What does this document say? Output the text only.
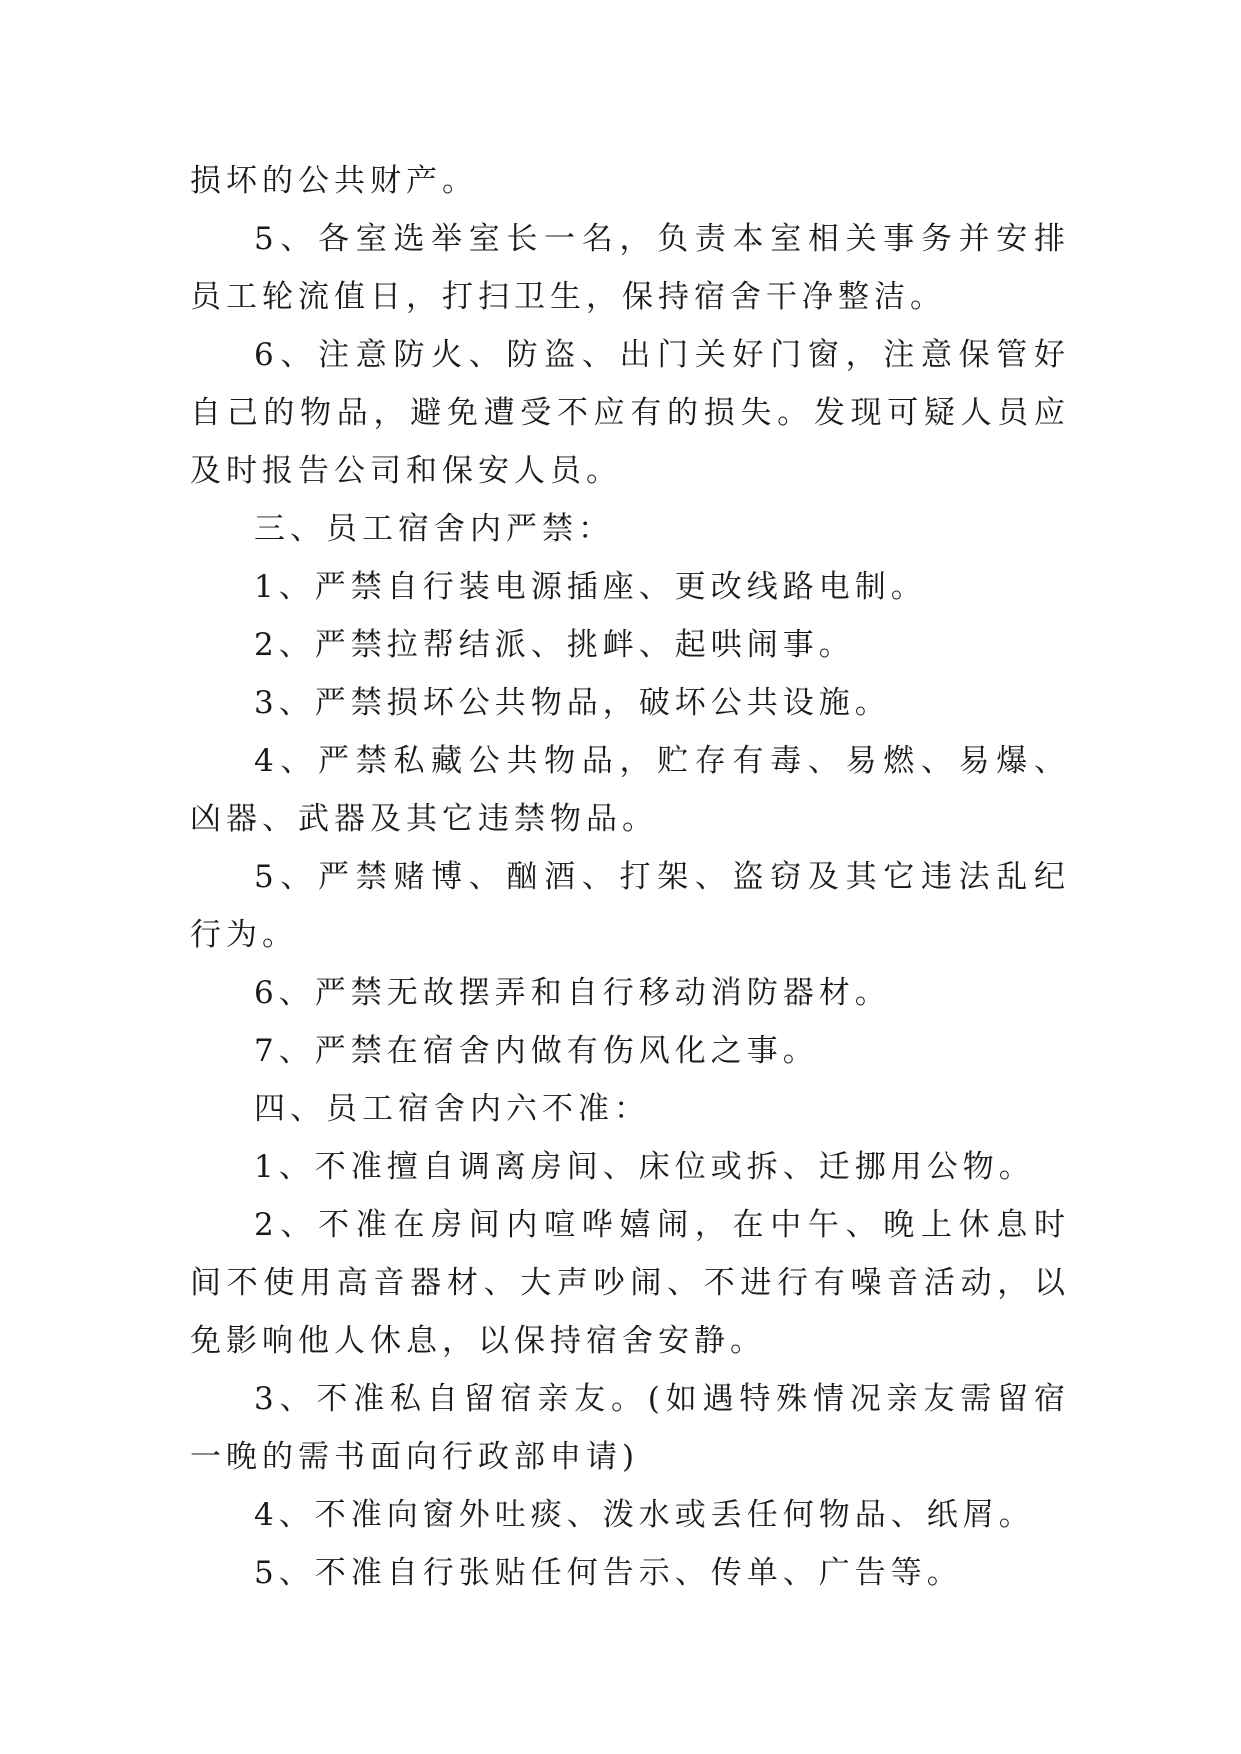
损坏的公共财产。

5、各室选举室长一名，负责本室相关事务并安排员工轮流值日，打扫卫生，保持宿舍干净整洁。

6、注意防火、防盗、出门关好门窗，注意保管好自己的物品，避免遭受不应有的损失。发现可疑人员应及时报告公司和保安人员。

三、员工宿舍内严禁：

1、严禁自行装电源插座、更改线路电制。

2、严禁拉帮结派、挑衅、起哄闹事。

3、严禁损坏公共物品，破坏公共设施。

4、严禁私藏公共物品，贮存有毒、易燃、易爆、凶器、武器及其它违禁物品。

5、严禁赌博、酗酒、打架、盗窃及其它违法乱纪行为。

6、严禁无故摆弄和自行移动消防器材。

7、严禁在宿舍内做有伤风化之事。

四、员工宿舍内六不准：

1、不准擅自调离房间、床位或拆、迁挪用公物。

2、不准在房间内喧哗嬉闹，在中午、晚上休息时间不使用高音器材、大声吵闹、不进行有噪音活动，以免影响他人休息，以保持宿舍安静。

3、不准私自留宿亲友。(如遇特殊情况亲友需留宿一晚的需书面向行政部申请)

4、不准向窗外吐痰、泼水或丢任何物品、纸屑。

5、不准自行张贴任何告示、传单、广告等。
